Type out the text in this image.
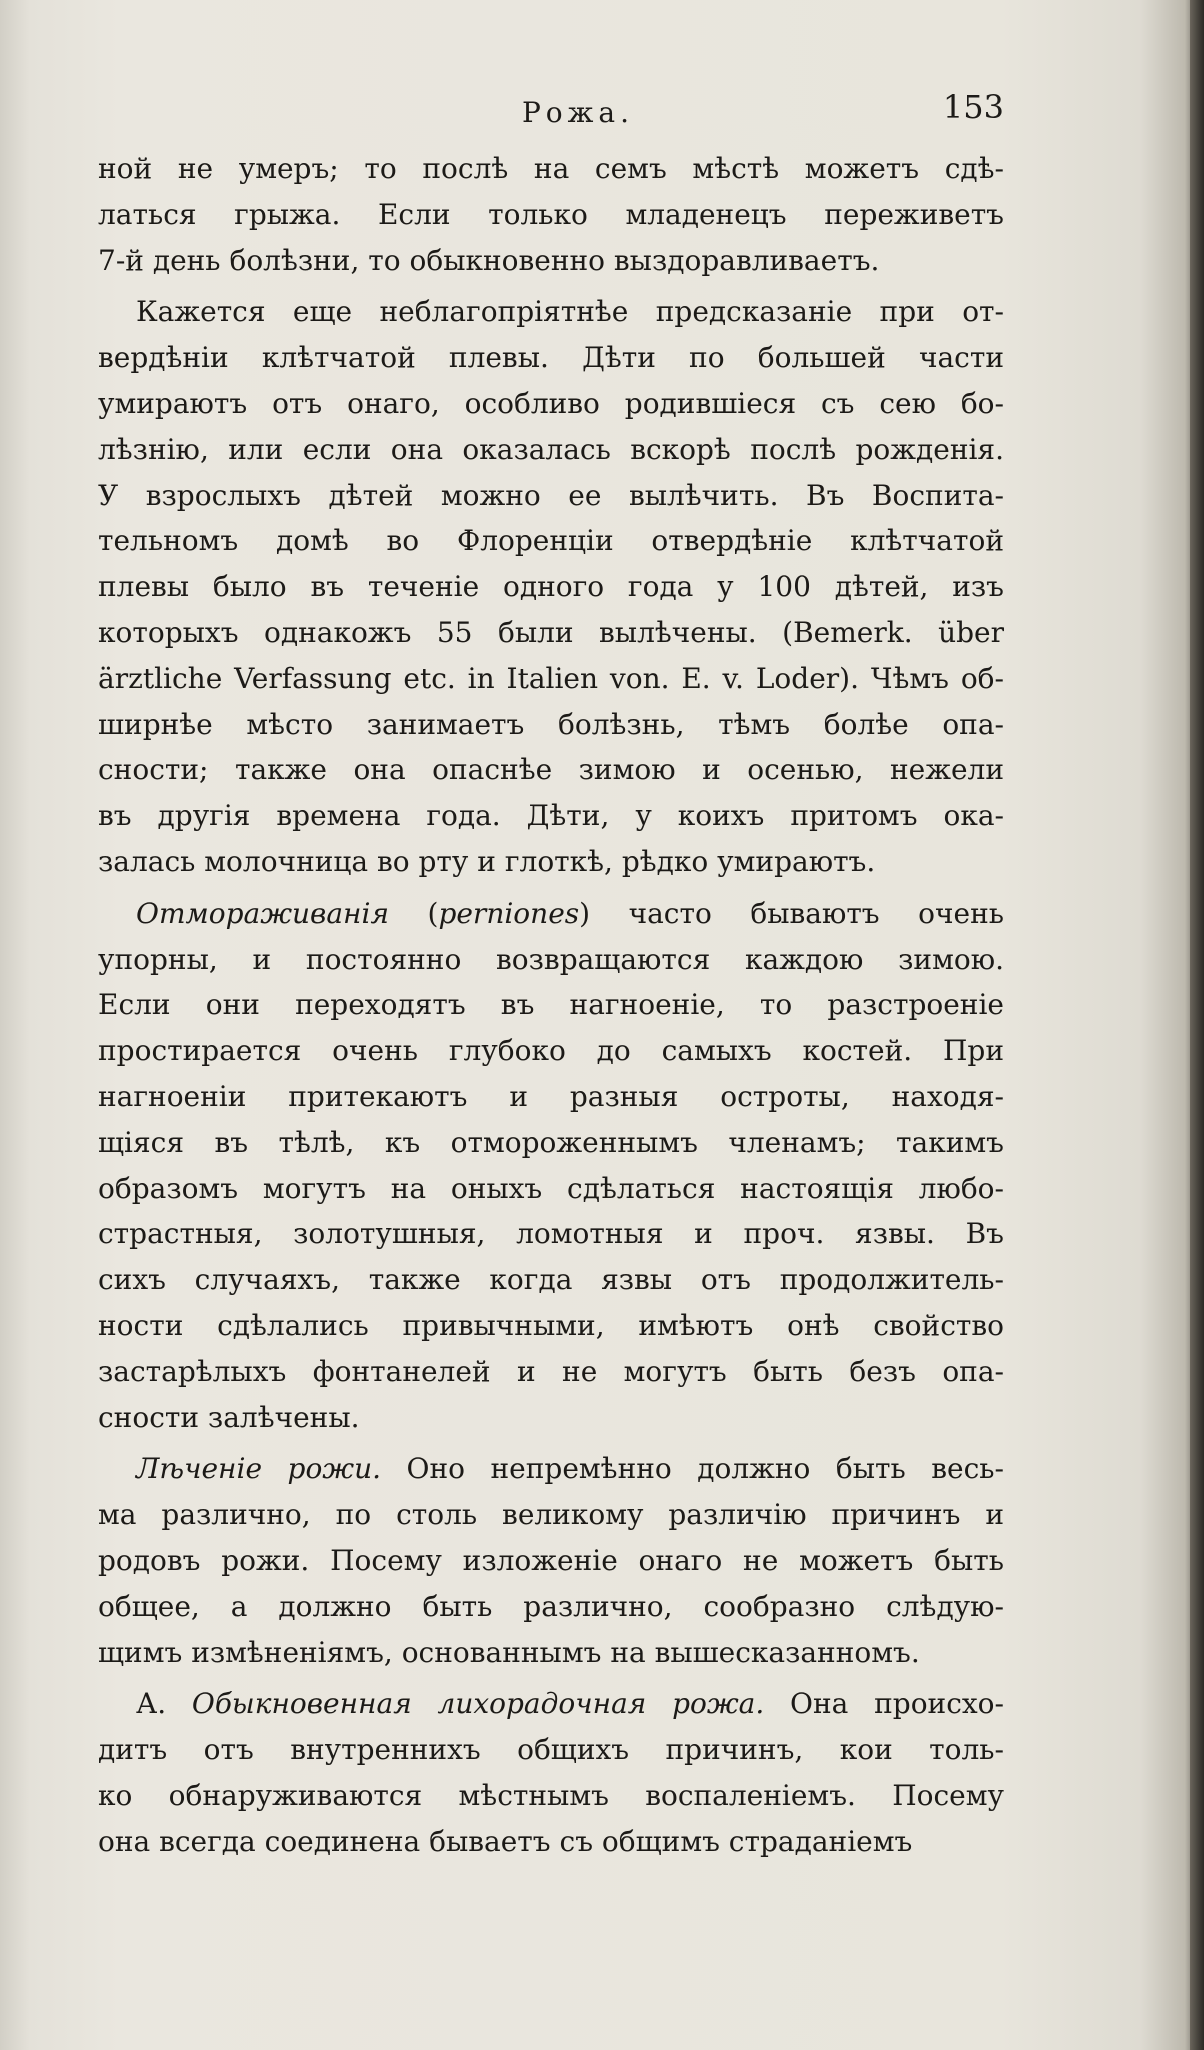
Рожа.	153
ной не умеръ; то послѣ на семъ мѣстѣ можетъ сдѣ-
латься грыжа. Если только младенецъ переживетъ
7-й день болѣзни, то обыкновенно выздоравливаетъ.
Кажется еще неблагопріятнѣе предсказаніе при от-
вердѣніи клѣтчатой плевы. Дѣти по большей части
умираютъ отъ онаго, особливо родившіеся съ сею бо-
лѣзнію, или если она оказалась вскорѣ послѣ рожденія.
У взрослыхъ дѣтей можно ее вылѣчить. Въ Воспита-
тельномъ домѣ во Флоренціи отвердѣніе клѣтчатой
плевы было въ теченіе одного года у 100 дѣтей, изъ
которыхъ однакожъ 55 были вылѣчены. (Bemerk. über
ärztliche Verfassung etc. in Italien von. E. v. Loder). Чѣмъ об-
ширнѣе мѣсто занимаетъ болѣзнь, тѣмъ болѣе опа-
сности; также она опаснѣе зимою и осенью, нежели
въ другія времена года. Дѣти, у коихъ притомъ ока-
залась молочница во рту и глоткѣ, рѣдко умираютъ.
Отмораживанія (perniones) часто бываютъ очень
упорны, и постоянно возвращаются каждою зимою.
Если они переходятъ въ нагноеніе, то разстроеніе
простирается очень глубоко до самыхъ костей. При
нагноеніи притекаютъ и разныя остроты, находя-
щіяся въ тѣлѣ, къ отмороженнымъ членамъ; такимъ
образомъ могутъ на оныхъ сдѣлаться настоящія любо-
страстныя, золотушныя, ломотныя и проч. язвы. Въ
сихъ случаяхъ, также когда язвы отъ продолжитель-
ности сдѣлались привычными, имѣютъ онѣ свойство
застарѣлыхъ фонтанелей и не могутъ быть безъ опа-
сности залѣчены.
Лѣченіе рожи. Оно непремѣнно должно быть весь-
ма различно, по столь великому различію причинъ и
родовъ рожи. Посему изложеніе онаго не можетъ быть
общее, а должно быть различно, сообразно слѣдую-
щимъ измѣненіямъ, основаннымъ на вышесказанномъ.
А. Обыкновенная лихорадочная рожа. Она происхо-
дитъ отъ внутреннихъ общихъ причинъ, кои толь-
ко обнаруживаются мѣстнымъ воспаленіемъ. Посему
она всегда соединена бываетъ съ общимъ страданіемъ
